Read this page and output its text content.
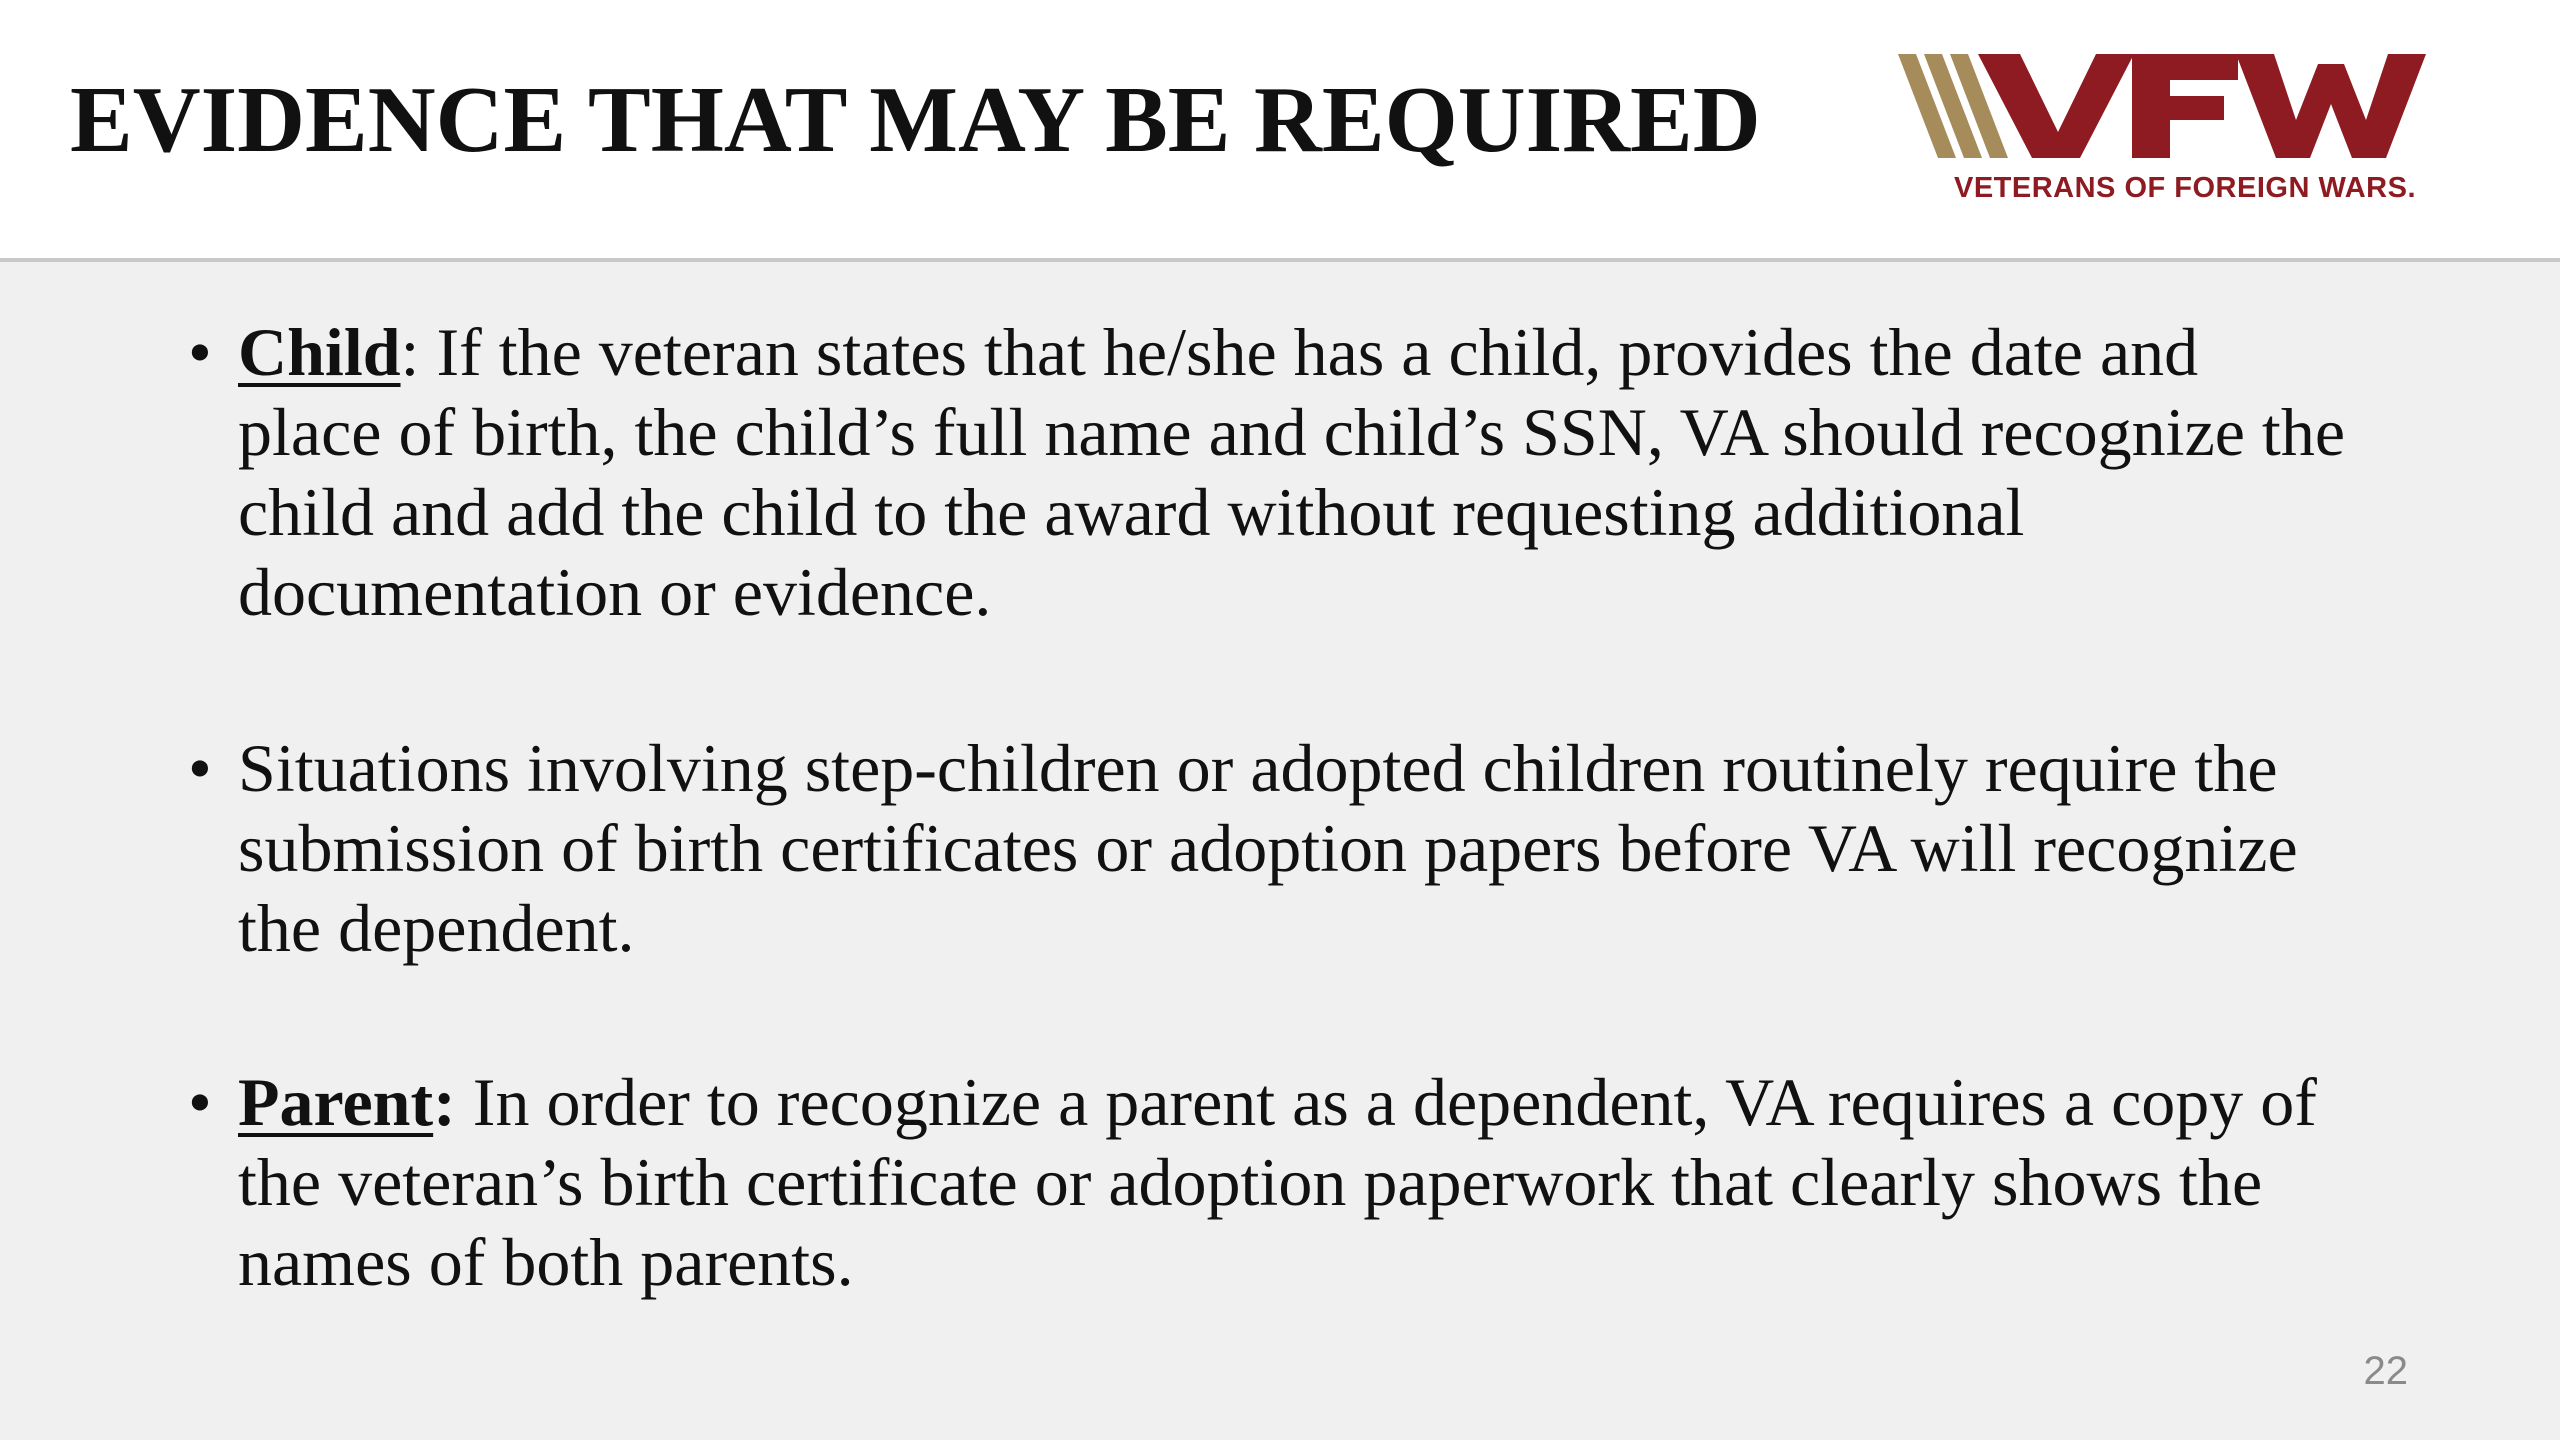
EVIDENCE THAT MAY BE REQUIRED
VETERANS OF FOREIGN WARS.
• Child: If the veteran states that he/she has a child, provides the date and place of birth, the child’s full name and child’s SSN, VA should recognize the child and add the child to the award without requesting additional documentation or evidence.
• Situations involving step-children or adopted children routinely require the submission of birth certificates or adoption papers before VA will recognize the dependent.
• Parent: In order to recognize a parent as a dependent, VA requires a copy of the veteran’s birth certificate or adoption paperwork that clearly shows the names of both parents.
22
